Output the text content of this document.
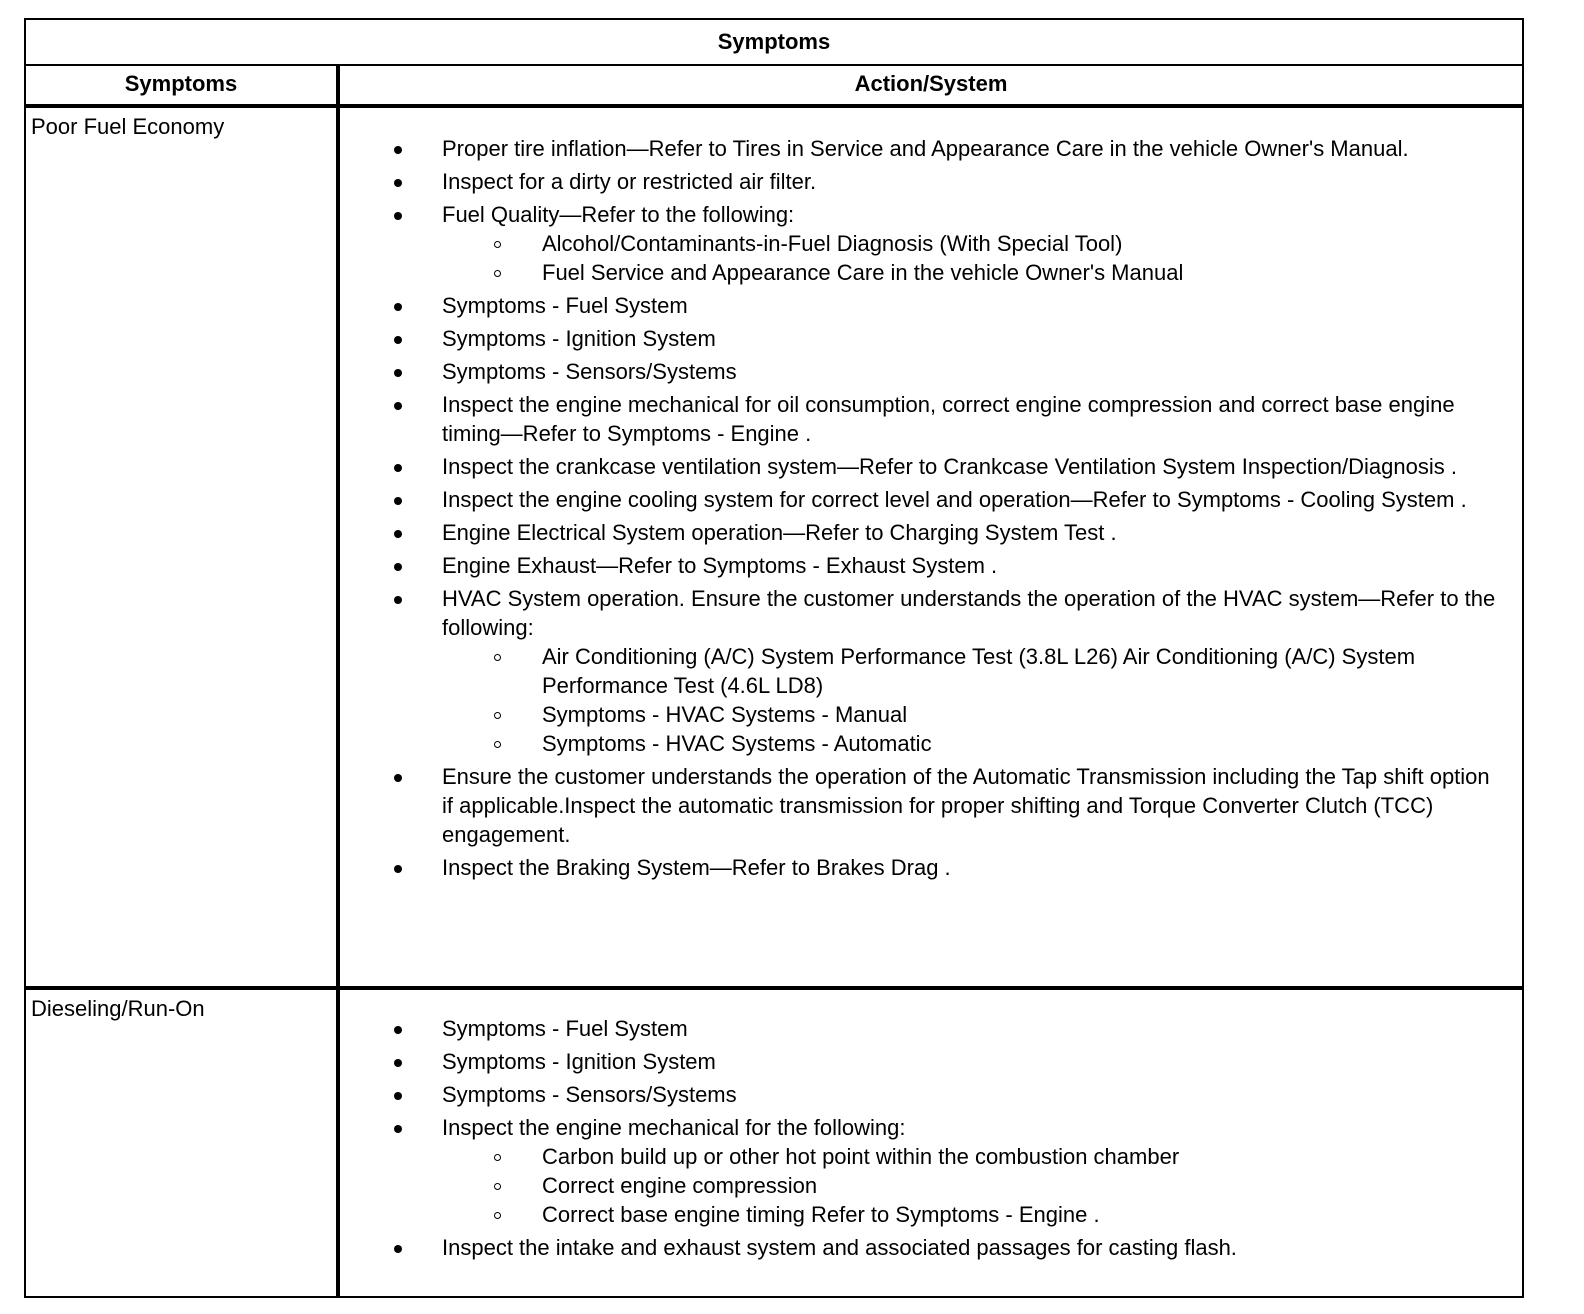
Symptoms
Symptoms	Action/System
Poor Fuel Economy
Proper tire inflation—Refer to Tires in Service and Appearance Care in the vehicle Owner's Manual.
Inspect for a dirty or restricted air filter.
Fuel Quality—Refer to the following:
Alcohol/Contaminants-in-Fuel Diagnosis (With Special Tool)
Fuel Service and Appearance Care in the vehicle Owner's Manual
Symptoms - Fuel System
Symptoms - Ignition System
Symptoms - Sensors/Systems
Inspect the engine mechanical for oil consumption, correct engine compression and correct base engine timing—Refer to Symptoms - Engine .
Inspect the crankcase ventilation system—Refer to Crankcase Ventilation System Inspection/Diagnosis .
Inspect the engine cooling system for correct level and operation—Refer to Symptoms - Cooling System .
Engine Electrical System operation—Refer to Charging System Test .
Engine Exhaust—Refer to Symptoms - Exhaust System .
HVAC System operation. Ensure the customer understands the operation of the HVAC system—Refer to the following:
Air Conditioning (A/C) System Performance Test (3.8L L26) Air Conditioning (A/C) System Performance Test (4.6L LD8)
Symptoms - HVAC Systems - Manual
Symptoms - HVAC Systems - Automatic
Ensure the customer understands the operation of the Automatic Transmission including the Tap shift option if applicable.Inspect the automatic transmission for proper shifting and Torque Converter Clutch (TCC) engagement.
Inspect the Braking System—Refer to Brakes Drag .
Dieseling/Run-On
Symptoms - Fuel System
Symptoms - Ignition System
Symptoms - Sensors/Systems
Inspect the engine mechanical for the following:
Carbon build up or other hot point within the combustion chamber
Correct engine compression
Correct base engine timing Refer to Symptoms - Engine .
Inspect the intake and exhaust system and associated passages for casting flash.
